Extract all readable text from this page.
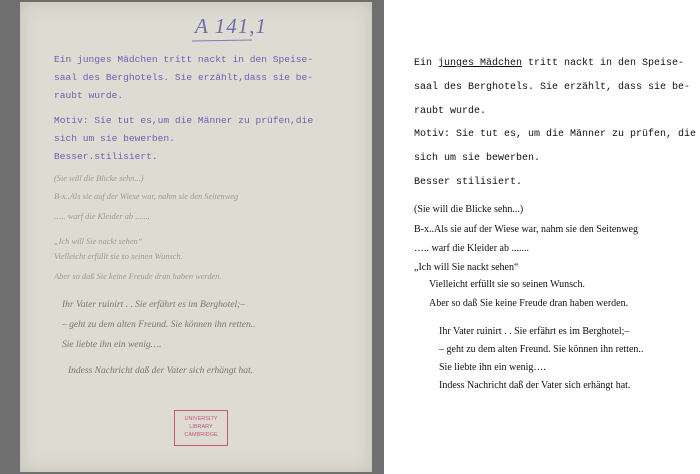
A 141,1
Ein junges Mädchen tritt nackt in den Speise-
saal des Berghotels. Sie erzählt,dass sie be-
raubt wurde.
Motiv: Sie tut es,um die Männer zu prüfen,die
sich um sie bewerben.
Besser.stilisiert.
(Sie will die Blicke sehn...)
B-x..Als sie auf der Wiese war, nahm sie den Seitenweg
….. warf die Kleider ab .......
„Ich will Sie nackt sehen“
Vielleicht erfüllt sie so seinen Wunsch.
Aber so daß Sie keine Freude dran haben werden.
Ihr Vater ruinirt . . Sie erfährt es im Berghotel;–
– geht zu dem alten Freund. Sie können ihn retten..
Sie liebte ihn ein wenig….
Indess Nachricht daß der Vater sich erhängt hat.
UNIVERSITY
LIBRARY
CAMBRIDGE
Ein junges Mädchen tritt nackt in den Speise-
saal des Berghotels. Sie erzählt, dass sie be-
raubt wurde.
Motiv: Sie tut es, um die Männer zu prüfen, die
sich um sie bewerben.
Besser stilisiert.
(Sie will die Blicke sehn...)
B-x..Als sie auf der Wiese war, nahm sie den Seitenweg
….. warf die Kleider ab .......
„Ich will Sie nackt sehen“
Vielleicht erfüllt sie so seinen Wunsch.
Aber so daß Sie keine Freude dran haben werden.
Ihr Vater ruinirt . . Sie erfährt es im Berghotel;–
– geht zu dem alten Freund. Sie können ihn retten..
Sie liebte ihn ein wenig….
Indess Nachricht daß der Vater sich erhängt hat.
